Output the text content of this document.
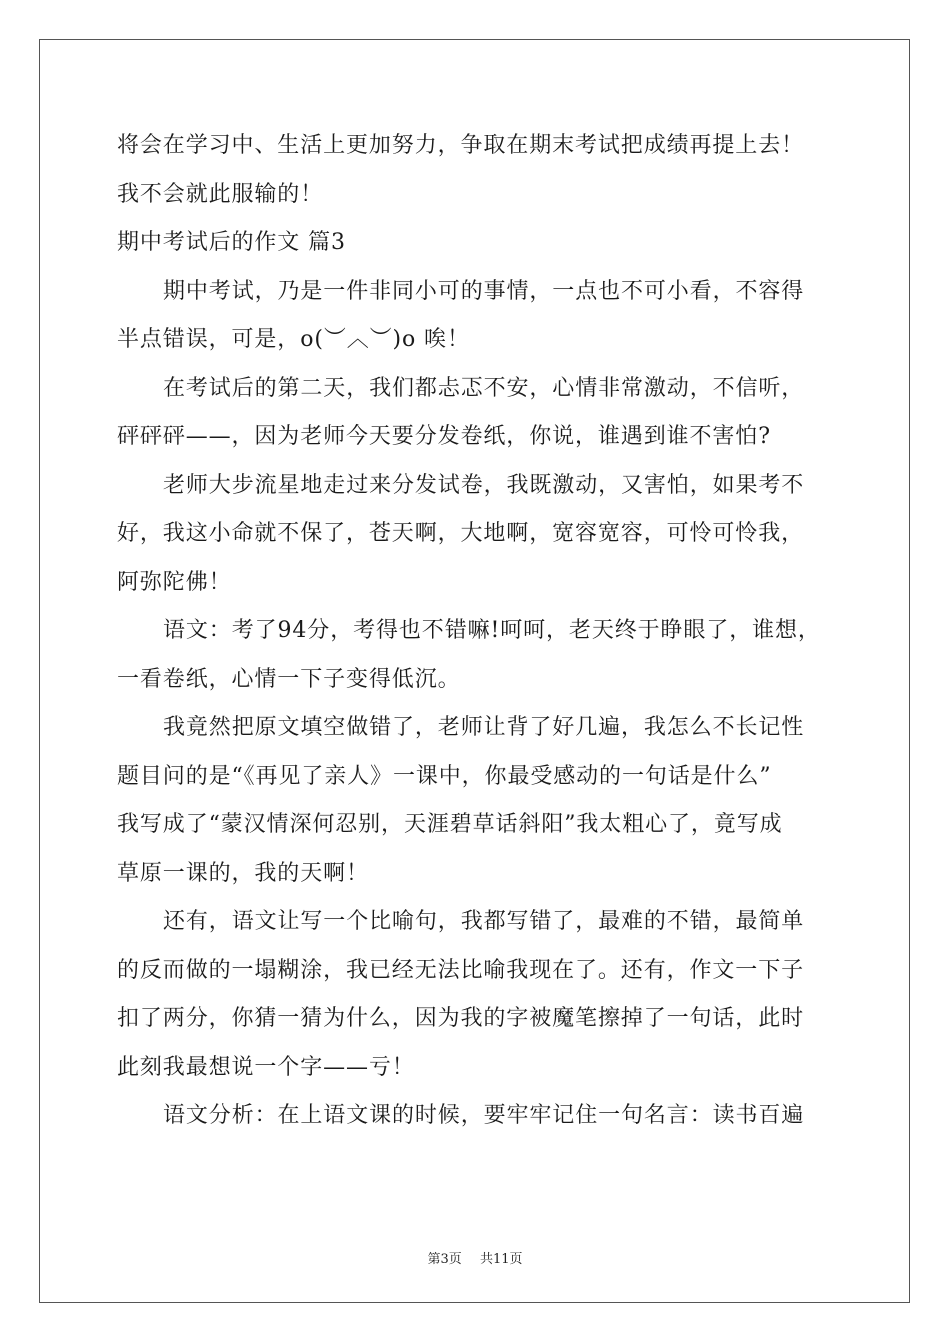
将会在学习中、生活上更加努力，争取在期末考试把成绩再提上去！
我不会就此服输的！
期中考试后的作文 篇3
期中考试，乃是一件非同小可的事情，一点也不可小看，不容得
半点错误，可是，o(︶︿︶)o 唉！
在考试后的第二天，我们都忐忑不安，心情非常激动，不信听，
砰砰砰——，因为老师今天要分发卷纸，你说，谁遇到谁不害怕?
老师大步流星地走过来分发试卷，我既激动，又害怕，如果考不
好，我这小命就不保了，苍天啊，大地啊，宽容宽容，可怜可怜我，
阿弥陀佛！
语文：考了94分，考得也不错嘛!呵呵，老天终于睁眼了，谁想，
一看卷纸，心情一下子变得低沉。
我竟然把原文填空做错了，老师让背了好几遍，我怎么不长记性
题目问的是“《再见了亲人》一课中，你最受感动的一句话是什么”
我写成了“蒙汉情深何忍别，天涯碧草话斜阳”我太粗心了，竟写成
草原一课的，我的天啊！
还有，语文让写一个比喻句，我都写错了，最难的不错，最简单
的反而做的一塌糊涂，我已经无法比喻我现在了。还有，作文一下子
扣了两分，你猜一猜为什么，因为我的字被魔笔擦掉了一句话，此时
此刻我最想说一个字——亏！
语文分析：在上语文课的时候，要牢牢记住一句名言：读书百遍
第3页 共11页
